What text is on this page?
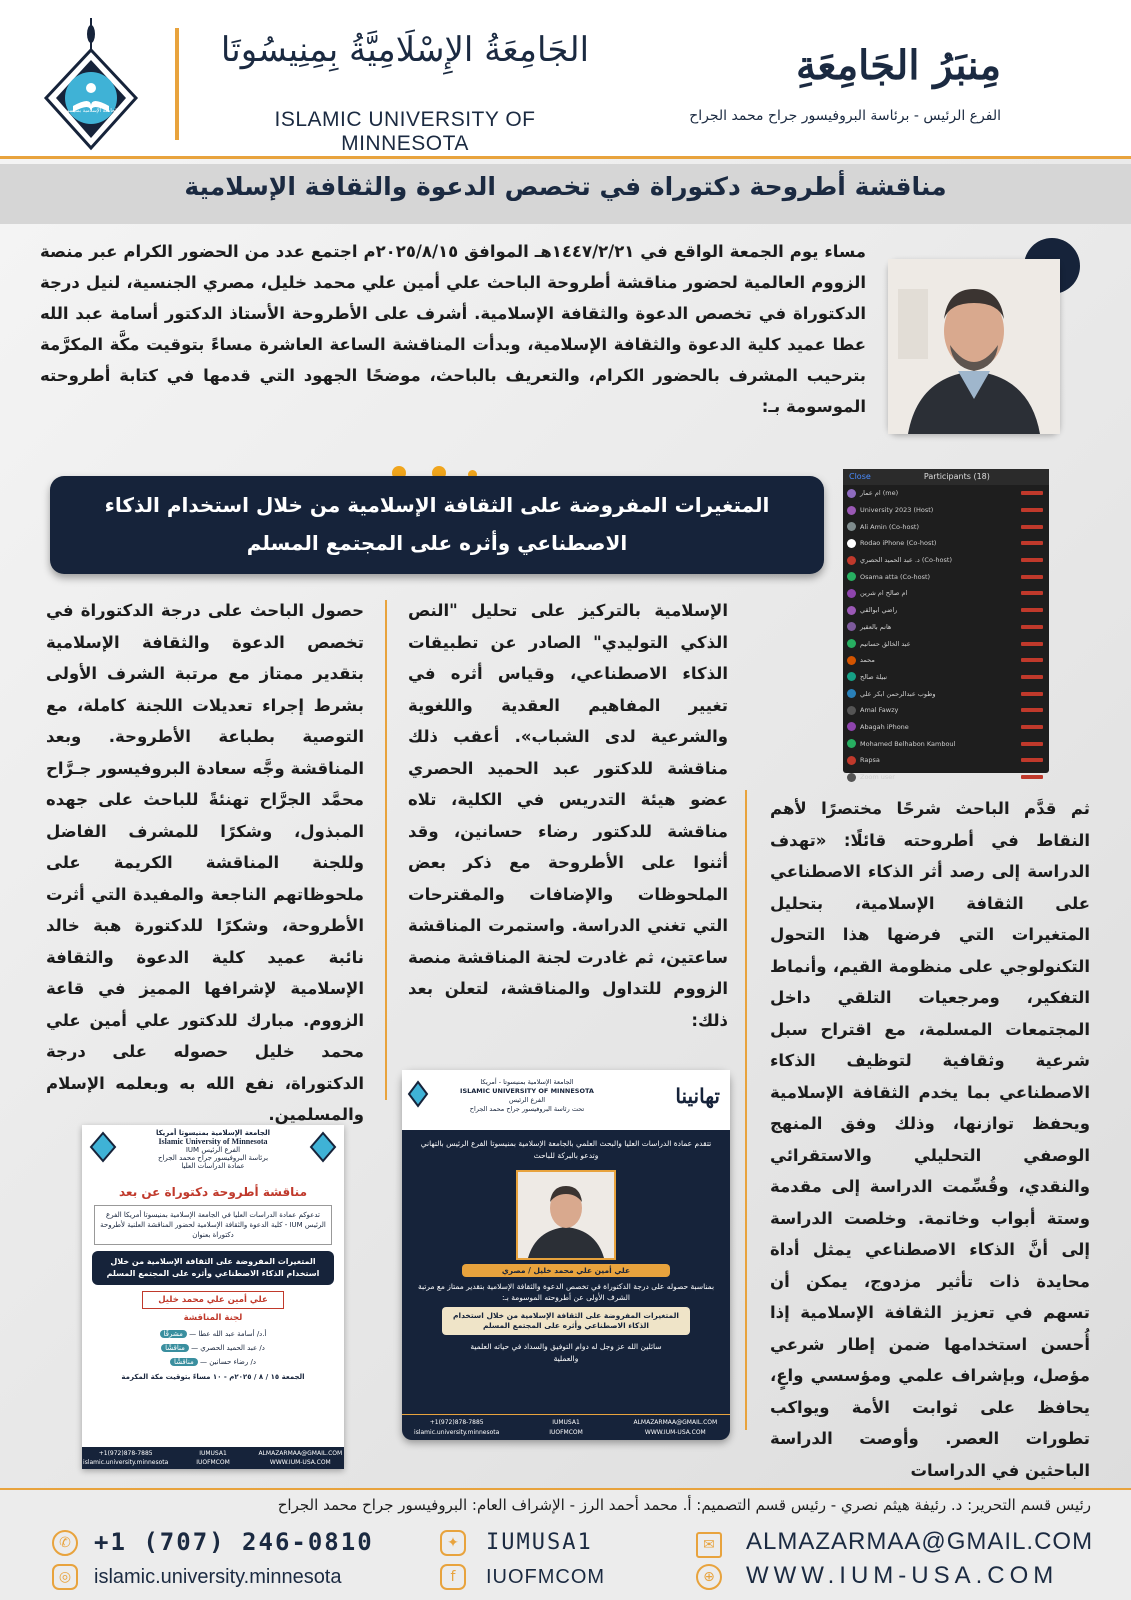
الجامعة الإسلامية بمنيسوتا
الجَامِعَةُ الإِسْلَامِيَّةُ بِمِنِيسُوتَا
ISLAMIC UNIVERSITY OF MINNESOTA
مِنبَرُ الجَامِعَةِ
الفرع الرئيس - برئاسة البروفيسور جراح محمد الجراح
مناقشة أطروحة دكتوراة في تخصص الدعوة والثقافة الإسلامية
مساء يوم الجمعة الواقع في ١٤٤٧/٢/٢١هـ الموافق ٢٠٢٥/٨/١٥م اجتمع عدد من الحضور الكرام عبر منصة الزووم العالمية لحضور مناقشة أطروحة الباحث علي أمين علي محمد خليل، مصري الجنسية، لنيل درجة الدكتوراة في تخصص الدعوة والثقافة الإسلامية. أشرف على الأطروحة الأستاذ الدكتور أسامة عبد الله عطا عميد كلية الدعوة والثقافة الإسلامية، وبدأت المناقشة الساعة العاشرة مساءً بتوقيت مكَّة المكرَّمة بترحيب المشرف بالحضور الكرام، والتعريف بالباحث، موضحًا الجهود التي قدمها في كتابة أطروحته الموسومة بـ:
المتغيرات المفروضة على الثقافة الإسلامية من خلال استخدام الذكاء
الاصطناعي وأثره على المجتمع المسلم
Close	Participants (18)
ام عمار (me)
University 2023 (Host)
Ali Amin (Co-host)
Rodao iPhone (Co-host)
د. عبد الحميد الحصري (Co-host)
Osama atta (Co-host)
ام صالح ام شرين
راضي ابوالقي
هانم بالعقير
عبد الخالق حسانيم
محمد
نبيلة صالح
وطوب عبدالرحمن ابكر علي
Amal Fawzy
Abagah iPhone
Mohamed Belhabon Kamboul
Rapsa
Zoom user
ثم قدَّم الباحث شرحًا مختصرًا لأهم النقاط في أطروحته قائلًا: «تهدف الدراسة إلى رصد أثر الذكاء الاصطناعي على الثقافة الإسلامية، بتحليل المتغيرات التي فرضها هذا التحول التكنولوجي على منظومة القيم، وأنماط التفكير، ومرجعيات التلقي داخل المجتمعات المسلمة، مع اقتراح سبل شرعية وثقافية لتوظيف الذكاء الاصطناعي بما يخدم الثقافة الإسلامية ويحفظ توازنها، وذلك وفق المنهج الوصفي التحليلي والاستقرائي والنقدي، وقُسِّمت الدراسة إلى مقدمة وستة أبواب وخاتمة. وخلصت الدراسة إلى أنَّ الذكاء الاصطناعي يمثل أداة محايدة ذات تأثير مزدوج، يمكن أن تسهم في تعزيز الثقافة الإسلامية إذا أُحسن استخدامها ضمن إطار شرعي مؤصل، وبإشراف علمي ومؤسسي واعٍ، يحافظ على ثوابت الأمة ويواكب تطورات العصر. وأوصت الدراسة الباحثين في الدراسات
الإسلامية بالتركيز على تحليل "النص الذكي التوليدي" الصادر عن تطبيقات الذكاء الاصطناعي، وقياس أثره في تغيير المفاهيم العقدية واللغوية والشرعية لدى الشباب». أعقب ذلك مناقشة للدكتور عبد الحميد الحصري عضو هيئة التدريس في الكلية، تلاه مناقشة للدكتور رضاء حسانين، وقد أثنوا على الأطروحة مع ذكر بعض الملحوظات والإضافات والمقترحات التي تغني الدراسة. واستمرت المناقشة ساعتين، ثم غادرت لجنة المناقشة منصة الزووم للتداول والمناقشة، لتعلن بعد ذلك:
حصول الباحث على درجة الدكتوراة في تخصص الدعوة والثقافة الإسلامية بتقدير ممتاز مع مرتبة الشرف الأولى بشرط إجراء تعديلات اللجنة كاملة، مع التوصية بطباعة الأطروحة. وبعد المناقشة وجَّه سعادة البروفيسور جـرَّاح محمَّد الجرَّاح تهنئةً للباحث على جهده المبذول، وشكرًا للمشرف الفاضل وللجنة المناقشة الكريمة على ملحوظاتهم الناجعة والمفيدة التي أثرت الأطروحة، وشكرًا للدكتورة هبة خالد نائبة عميد كلية الدعوة والثقافة الإسلامية لإشرافها المميز في قاعة الزووم. مبارك للدكتور علي أمين علي محمد خليل حصوله على درجة الدكتوراة، نفع الله به وبعلمه الإسلام والمسلمين.
الجامعة الإسلامية بمنيسوتا أمريكا
Islamic University of Minnesota
الفرع الرئيس IUM
برئاسة البروفيسور جراح محمد الجراح
عمادة الدراسات العليا
مناقشة أطروحة دكتوراة عن بعد
تدعوكم عمادة الدراسات العليا في الجامعة الإسلامية بمنيسوتا أمريكا الفرع الرئيس IUM - كلية الدعوة والثقافة الإسلامية لحضور المناقشة العلنية لأطروحة دكتوراة بعنوان
المتغيرات المفروضة على الثقافة الإسلامية من خلال استخدام الذكاء الاصطناعي وأثره على المجتمع المسلم
علي أمين علي محمد خليل
لجنة المناقشة
أ.د/ أسامة عبد الله عطا — مشرفًا
د/ عبد الحميد الحصري — مناقشًا
د/ رضاء حسانين — مناقشًا
الجمعة ١٥ / ٨ / ٢٠٢٥م - ١٠ مساءً بتوقيت مكة المكرمة
+1(972)878-7885	IUMUSA1	ALMAZARMAA@GMAIL.COM
islamic.university.minnesota	IUOFMCOM	WWW.IUM-USA.COM
تهانينا
الجامعة الإسلامية بمنيسوتا - أمريكا
ISLAMIC UNIVERSITY OF MINNESOTA
الفرع الرئيس
تحت رئاسة البروفيسور جراح محمد الجراح
تتقدم عمادة الدراسات العليا والبحث العلمي بالجامعة الإسلامية بمنيسوتا الفرع الرئيس بالتهاني وتدعو بالبركة للباحث
علي أمين علي محمد خليل / مصري
بمناسبة حصوله على درجة الدكتوراة في تخصص الدعوة والثقافة الإسلامية بتقدير ممتاز مع مرتبة الشرف الأولى عن أطروحته الموسومة بـ:
المتغيرات المفروضة على الثقافة الإسلامية من خلال استخدام الذكاء الاصطناعي وأثره على المجتمع المسلم
سائلين الله عز وجل له دوام التوفيق والسداد في حياته العلمية والعملية
+1(972)878-7885	IUMUSA1	ALMAZARMAA@GMAIL.COM
islamic.university.minnesota	IUOFMCOM	WWW.IUM-USA.COM
رئيس قسم التحرير: د. رئيفة هيثم نصري - رئيس قسم التصميم: أ. محمد أحمد الرز - الإشراف العام: البروفيسور جراح محمد الجراح
✆ +1 (707) 246-0810
◎	islamic.university.minnesota
✦	IUMUSA1
f	IUOFMCOM
✉ ALMAZARMAA@GMAIL.COM
⊕ WWW.IUM-USA.COM
